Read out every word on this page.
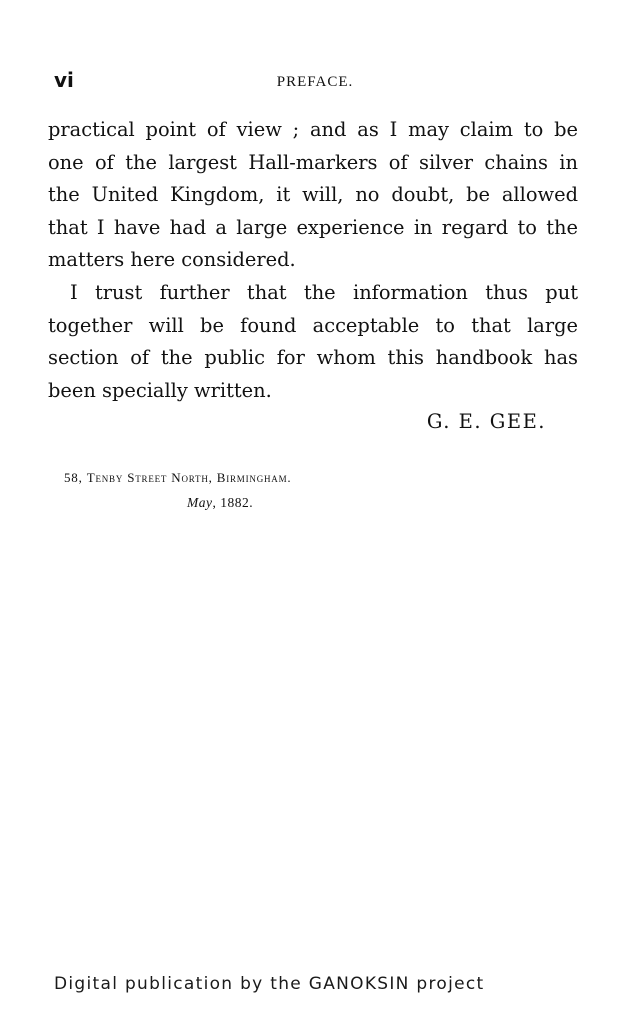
vi	PREFACE.

practical point of view ; and as I may claim to be
one of the largest Hall-markers of silver chains in
the United Kingdom, it will, no doubt, be allowed
that I have had a large experience in regard to the
matters here considered.

I trust further that the information thus put
together will be found acceptable to that large
section of the public for whom this handbook has
been specially written.

G. E. GEE.
58, Tenby Street North, Birmingham.
May, 1882.
Digital publication by the GANOKSIN project
